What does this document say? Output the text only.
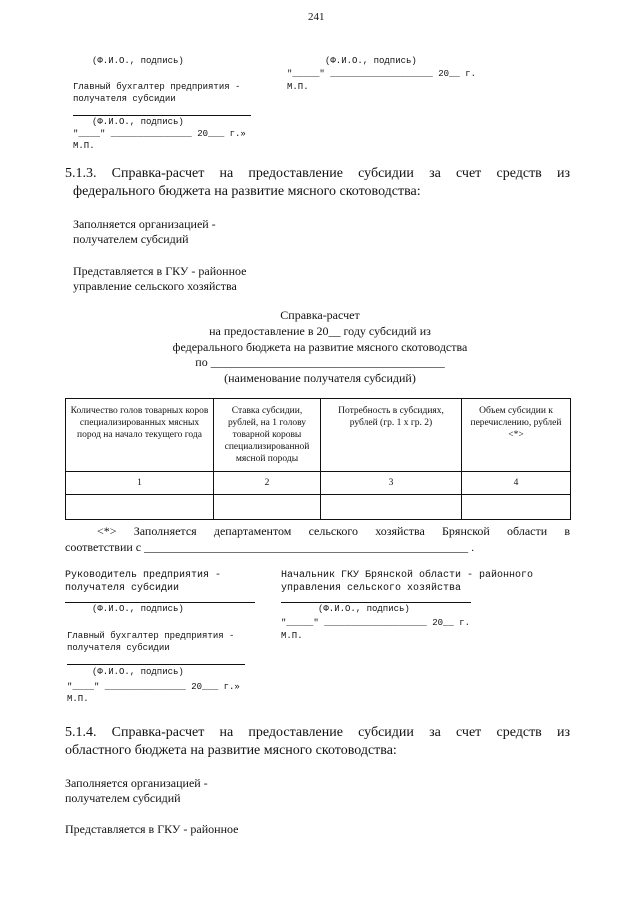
241
(Ф.И.О., подпись)	(Ф.И.О., подпись)
"_____" ___________________ 20__ г.
Главный бухгалтер предприятия -	М.П.
получателя субсидии
(Ф.И.О., подпись)
"____" _______________ 20___ г.»
М.П.
5.1.3. Справка-расчет на предоставление субсидии за счет средств из
федерального бюджета на развитие мясного скотоводства:
Заполняется организацией -
получателем субсидий
Представляется в ГКУ - районное
управление сельского хозяйства
Справка-расчет
на предоставление в 20__ году субсидий из
федерального бюджета на развитие мясного скотоводства
по _______________________________________
(наименование получателя субсидий)
Количество голов товарных коров специализированных мясных пород на начало текущего года	Ставка субсидии, рублей, на 1 голову товарной коровы специализированной мясной породы	Потребность в субсидиях, рублей (гр. 1 х гр. 2)	Объем субсидии к перечислению, рублей <*>
1	2	3	4

<*> Заполняется департаментом сельского хозяйства Брянской области в
соответствии с ______________________________________________________ .
Руководитель предприятия -
получателя субсидии
Начальник ГКУ Брянской области - районного
управления сельского хозяйства
(Ф.И.О., подпись)	(Ф.И.О., подпись)
"_____" ___________________ 20__ г.
Главный бухгалтер предприятия -	М.П.
получателя субсидии
(Ф.И.О., подпись)
"____" _______________ 20___ г.»
М.П.
5.1.4. Справка-расчет на предоставление субсидии за счет средств из
областного бюджета на развитие мясного скотоводства:
Заполняется организацией -
получателем субсидий
Представляется в ГКУ - районное
